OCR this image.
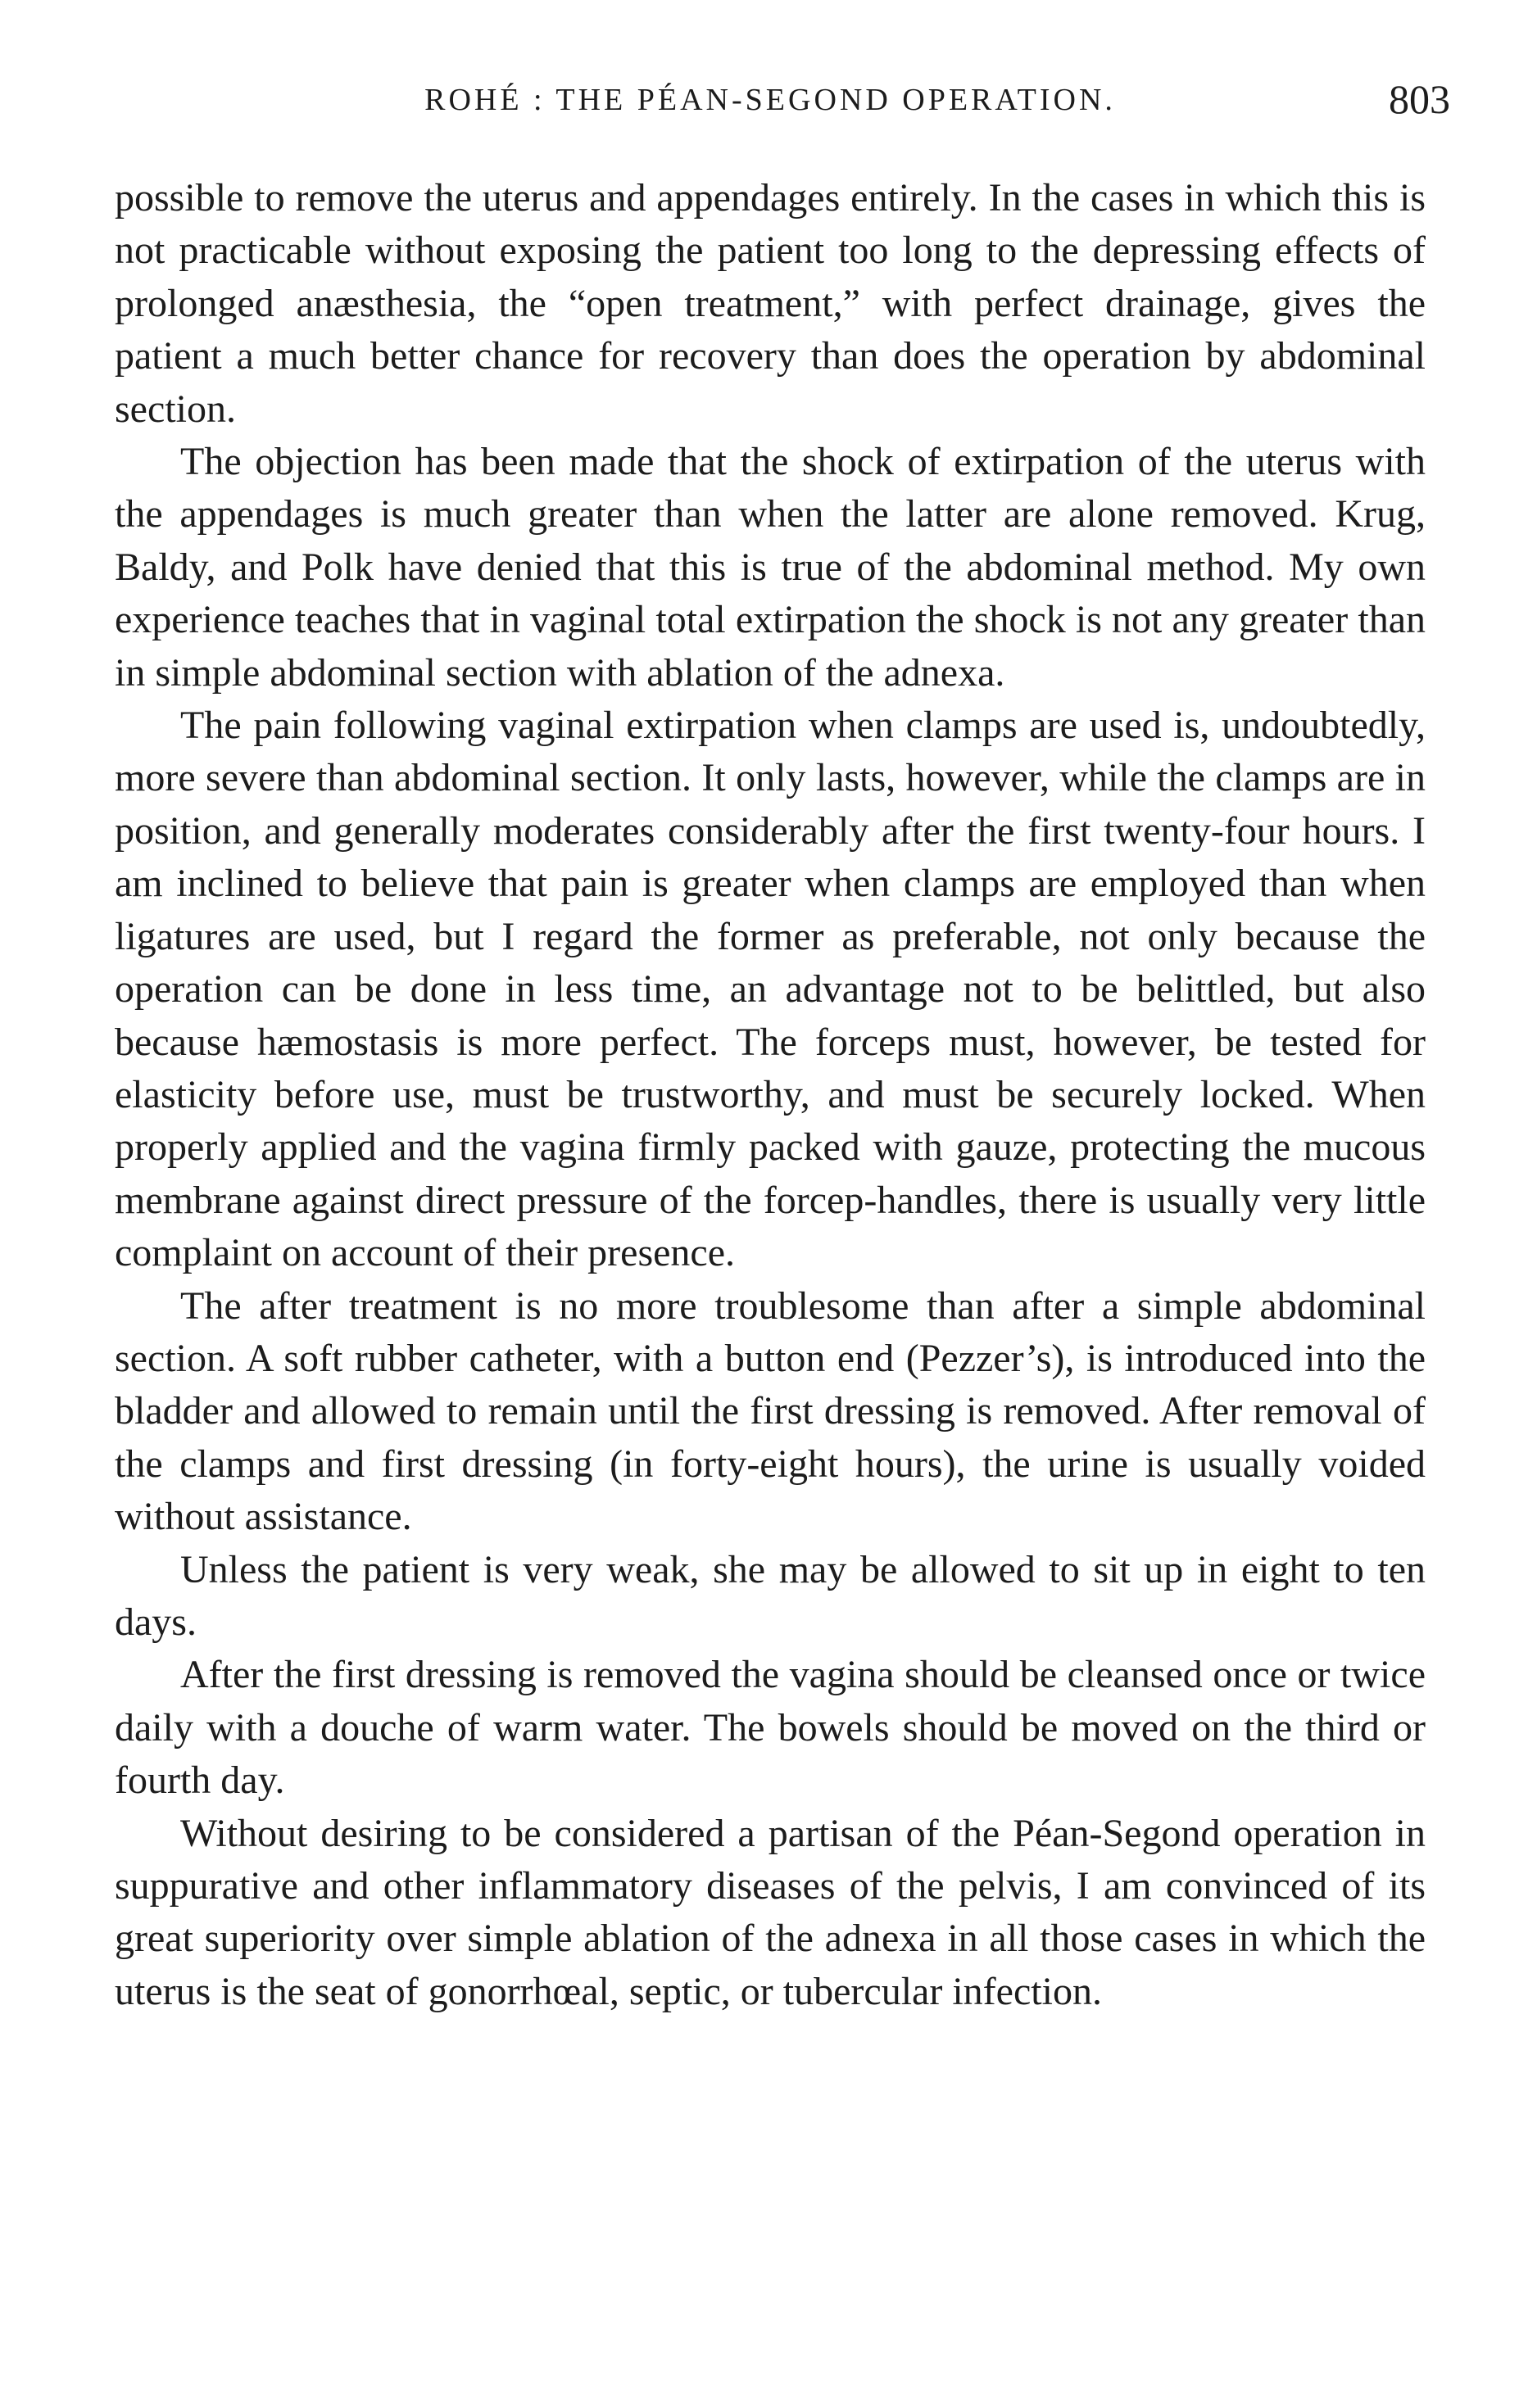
ROHÉ : THE PÉAN-SEGOND OPERATION.	803

possible to remove the uterus and appendages entirely. In the cases in which this is not practicable without exposing the patient too long to the depressing effects of prolonged anæsthesia, the “open treatment,” with perfect drainage, gives the patient a much better chance for recovery than does the operation by abdominal section.

The objection has been made that the shock of extirpation of the uterus with the appendages is much greater than when the latter are alone removed. Krug, Baldy, and Polk have denied that this is true of the abdominal method. My own experience teaches that in vaginal total extirpation the shock is not any greater than in simple abdominal section with ablation of the adnexa.

The pain following vaginal extirpation when clamps are used is, undoubtedly, more severe than abdominal section. It only lasts, however, while the clamps are in position, and generally moderates considerably after the first twenty-four hours. I am inclined to believe that pain is greater when clamps are employed than when ligatures are used, but I regard the former as preferable, not only because the operation can be done in less time, an advantage not to be belittled, but also because hæmostasis is more perfect. The forceps must, however, be tested for elasticity before use, must be trustworthy, and must be securely locked. When properly applied and the vagina firmly packed with gauze, protecting the mucous membrane against direct pressure of the forcep-handles, there is usually very little complaint on account of their presence.

The after treatment is no more troublesome than after a simple abdominal section. A soft rubber catheter, with a button end (Pezzer’s), is introduced into the bladder and allowed to remain until the first dressing is removed. After removal of the clamps and first dressing (in forty-eight hours), the urine is usually voided without assistance.

Unless the patient is very weak, she may be allowed to sit up in eight to ten days.

After the first dressing is removed the vagina should be cleansed once or twice daily with a douche of warm water. The bowels should be moved on the third or fourth day.

Without desiring to be considered a partisan of the Péan-Segond operation in suppurative and other inflammatory diseases of the pelvis, I am convinced of its great superiority over simple ablation of the adnexa in all those cases in which the uterus is the seat of gonorrhœal, septic, or tubercular infection.
